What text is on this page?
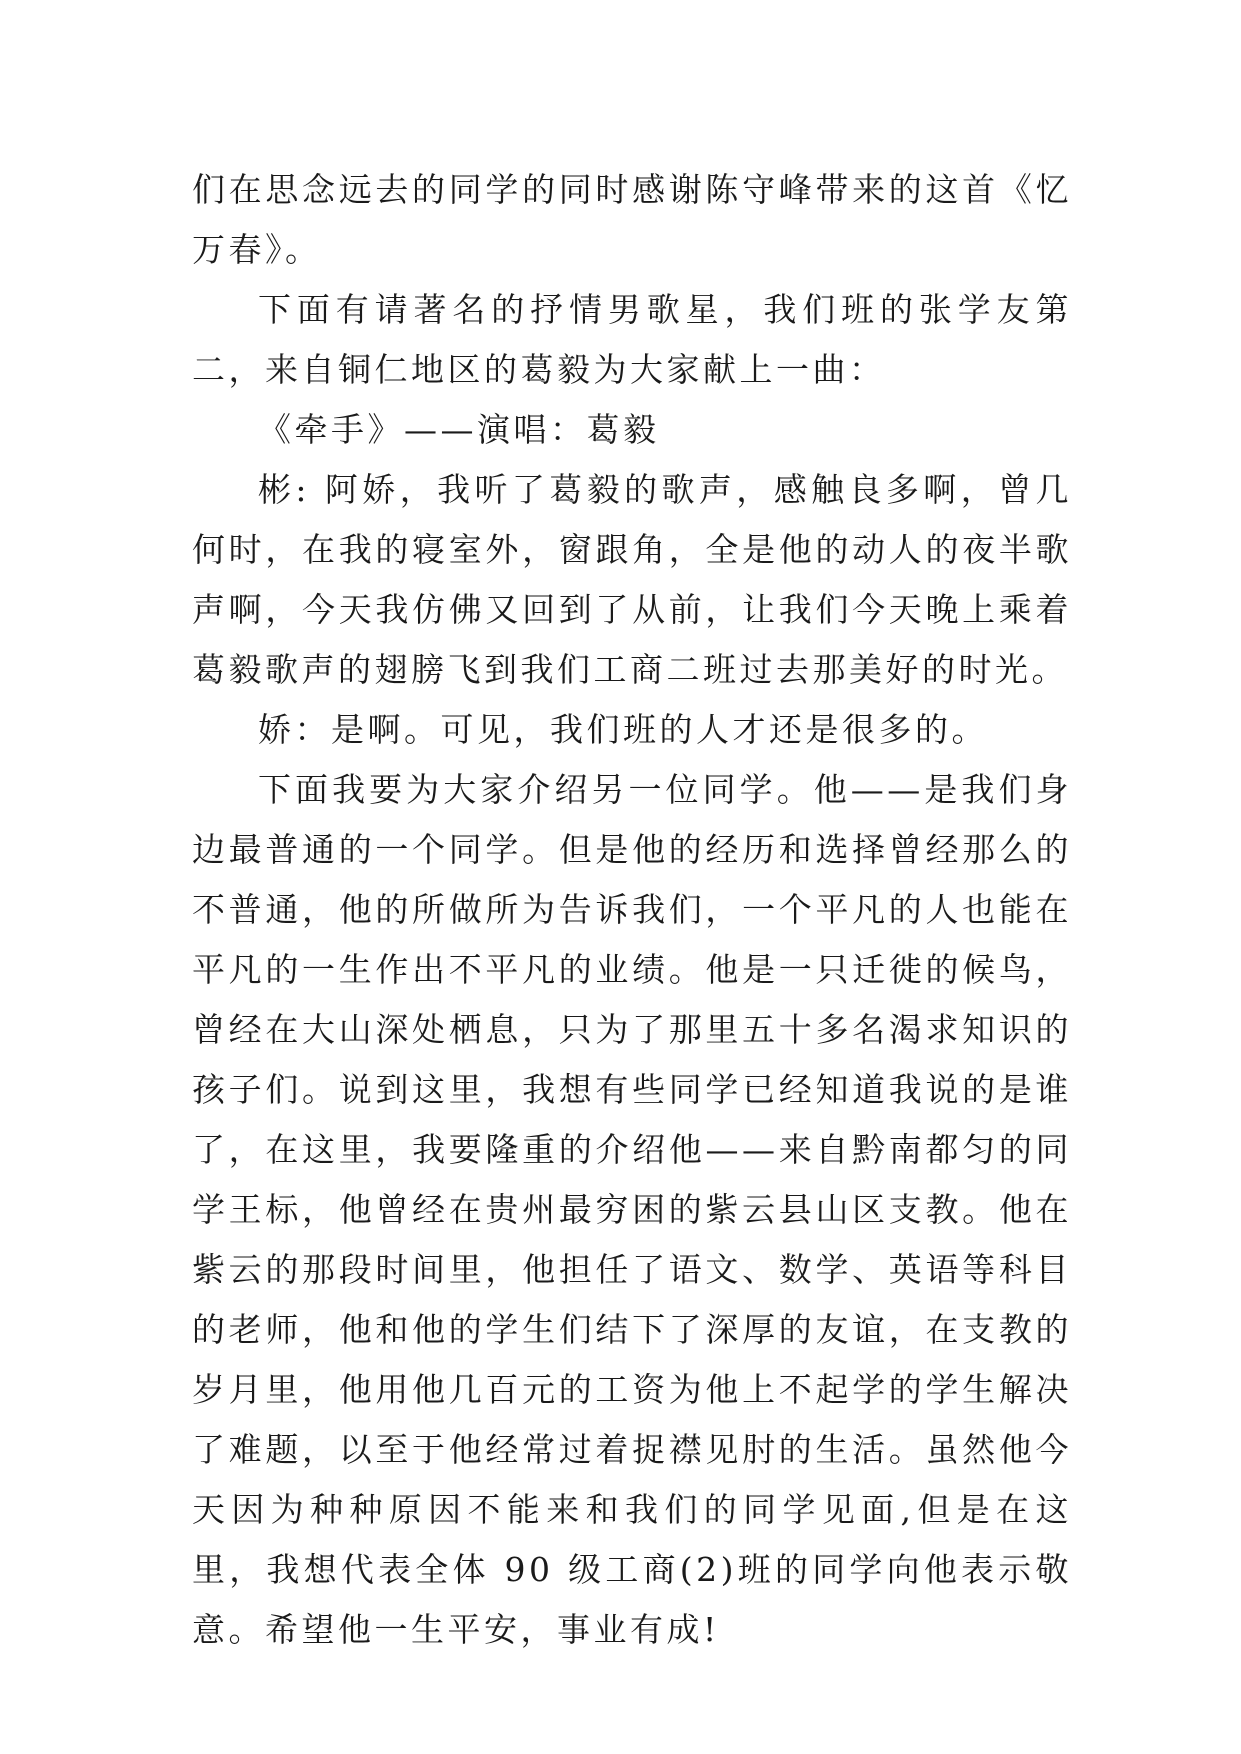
们在思念远去的同学的同时感谢陈守峰带来的这首《忆万春》。

下面有请著名的抒情男歌星，我们班的张学友第二，来自铜仁地区的葛毅为大家献上一曲：

《牵手》——演唱：葛毅

彬: 阿娇，我听了葛毅的歌声，感触良多啊，曾几何时，在我的寝室外，窗跟角，全是他的动人的夜半歌声啊，今天我仿佛又回到了从前，让我们今天晚上乘着葛毅歌声的翅膀飞到我们工商二班过去那美好的时光。

娇：是啊。可见，我们班的人才还是很多的。

下面我要为大家介绍另一位同学。他——是我们身边最普通的一个同学。但是他的经历和选择曾经那么的不普通，他的所做所为告诉我们，一个平凡的人也能在平凡的一生作出不平凡的业绩。他是一只迁徙的候鸟，曾经在大山深处栖息，只为了那里五十多名渴求知识的孩子们。说到这里，我想有些同学已经知道我说的是谁了，在这里，我要隆重的介绍他——来自黔南都匀的同学王标，他曾经在贵州最穷困的紫云县山区支教。他在紫云的那段时间里，他担任了语文、数学、英语等科目的老师，他和他的学生们结下了深厚的友谊，在支教的岁月里，他用他几百元的工资为他上不起学的学生解决了难题，以至于他经常过着捉襟见肘的生活。虽然他今天因为种种原因不能来和我们的同学见面,但是在这里，我想代表全体 90 级工商(2)班的同学向他表示敬意。希望他一生平安，事业有成!
